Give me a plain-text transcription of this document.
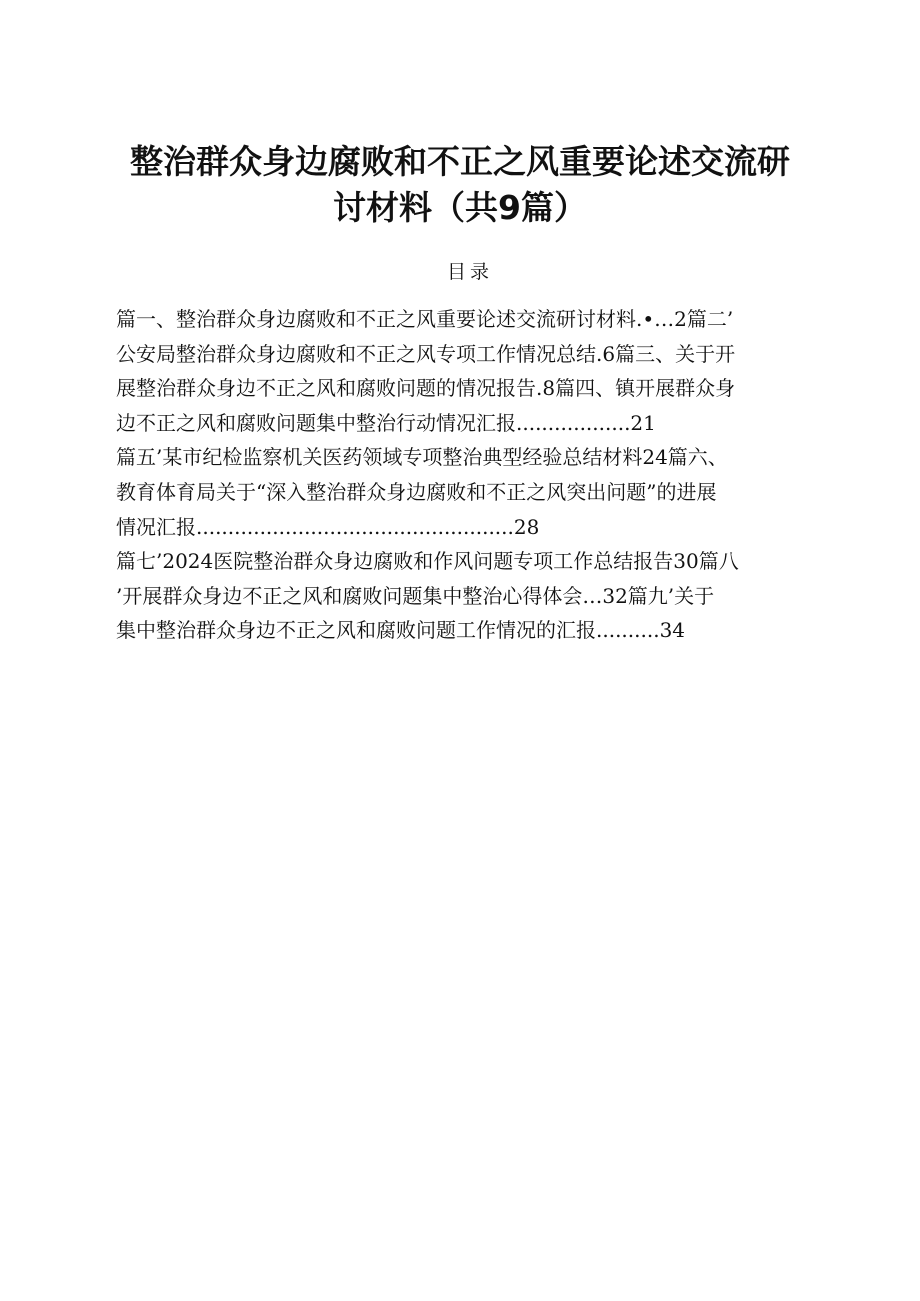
整治群众身边腐败和不正之风重要论述交流研
讨材料（共9篇）
目录
篇一、整治群众身边腐败和不正之风重要论述交流研讨材料.•…2篇二’
公安局整治群众身边腐败和不正之风专项工作情况总结.6篇三、关于开
展整治群众身边不正之风和腐败问题的情况报告.8篇四、镇开展群众身
边不正之风和腐败问题集中整治行动情况汇报..................21
篇五’某市纪检监察机关医药领域专项整治典型经验总结材料24篇六、
教育体育局关于“深入整治群众身边腐败和不正之风突出问题”的进展
情况汇报..................................................28
篇七’2024医院整治群众身边腐败和作风问题专项工作总结报告30篇八
’开展群众身边不正之风和腐败问题集中整治心得体会…32篇九’关于
集中整治群众身边不正之风和腐败问题工作情况的汇报..........34
